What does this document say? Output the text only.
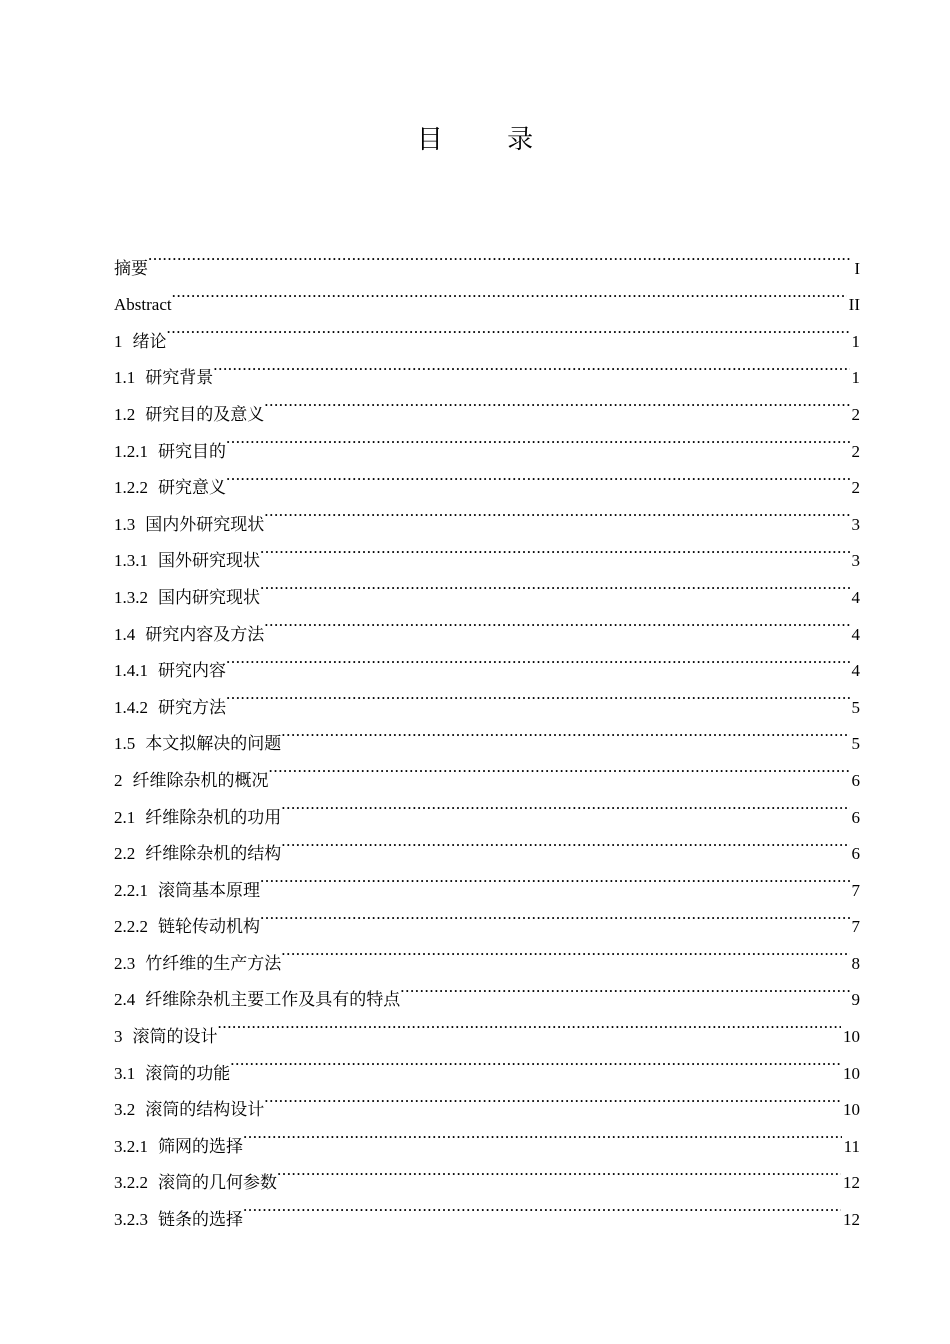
目 录
摘要 .....	I
Abstract .....	II
1 绪论 .....	1
1.1 研究背景 .....	1
1.2 研究目的及意义 .....	2
1.2.1 研究目的 .....	2
1.2.2 研究意义 .....	2
1.3 国内外研究现状 .....	3
1.3.1 国外研究现状 .....	3
1.3.2 国内研究现状 .....	4
1.4 研究内容及方法 .....	4
1.4.1 研究内容 .....	4
1.4.2 研究方法 .....	5
1.5 本文拟解决的问题 .....	5
2 纤维除杂机的概况 .....	6
2.1 纤维除杂机的功用 .....	6
2.2 纤维除杂机的结构 .....	6
2.2.1 滚筒基本原理 .....	7
2.2.2 链轮传动机构 .....	7
2.3 竹纤维的生产方法 .....	8
2.4 纤维除杂机主要工作及具有的特点 .....	9
3 滚筒的设计 .....	10
3.1 滚筒的功能 .....	10
3.2 滚筒的结构设计 .....	10
3.2.1 筛网的选择 .....	11
3.2.2 滚筒的几何参数 .....	12
3.2.3 链条的选择 .....	12
